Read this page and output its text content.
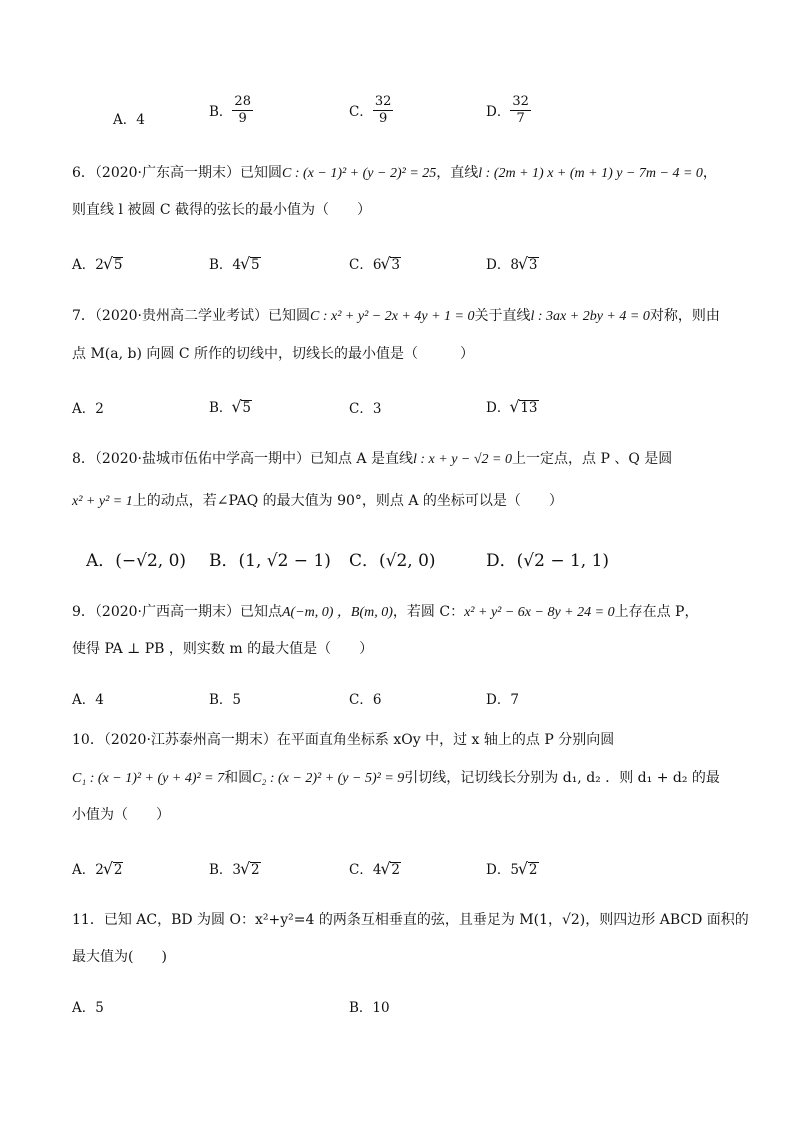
A．4	B． $\frac{28}{9}$	C． $\frac{32}{9}$	D． $\frac{32}{7}$
6．（2020·广东高一期末）已知圆C : (x − 1)² + (y − 2)² = 25，直线l : (2m + 1) x + (m + 1) y − 7m − 4 = 0，
则直线 l 被圆 C 截得的弦长的最小值为（　　）
A．2 √ 5	B．4 √ 5	C．6 √ 3	D．8 √ 3
7．（2020·贵州高二学业考试）已知圆C : x² + y² − 2x + 4y + 1 = 0关于直线l : 3ax + 2by + 4 = 0对称，则由
点 M(a, b) 向圆 C 所作的切线中，切线长的最小值是（　　　）
A．2	B． √ 5	C．3	D． √ 13
8．（2020·盐城市伍佑中学高一期中）已知点 A 是直线l : x + y − √2 = 0上一定点，点 P 、Q 是圆
x² + y² = 1上的动点，若∠PAQ 的最大值为 90°，则点 A 的坐标可以是（　　）
A．(−√2, 0) B．(1, √2 − 1) C．(√2, 0)	D．(√2 − 1, 1)
9．（2020·广西高一期末）已知点A(−m, 0) ，B(m, 0)，若圆 C：x² + y² − 6x − 8y + 24 = 0上存在点 P，
使得 PA ⊥ PB ，则实数 m 的最大值是（　　）
A．4	B．5	C．6	D．7
10．（2020·江苏泰州高一期末）在平面直角坐标系 xOy 中，过 x 轴上的点 P 分别向圆
C₁ : (x − 1)² + (y + 4)² = 7和圆C₂ : (x − 2)² + (y − 5)² = 9引切线，记切线长分别为 d₁, d₂ ．则 d₁ + d₂ 的最
小值为（　　）
A．2 √ 2	B．3 √ 2	C．4 √ 2	D．5 √ 2
11．已知 AC，BD 为圆 O：x²+y²=4 的两条互相垂直的弦，且垂足为 M(1，√2)，则四边形 ABCD 面积的
最大值为(　　)
A．5	B．10
